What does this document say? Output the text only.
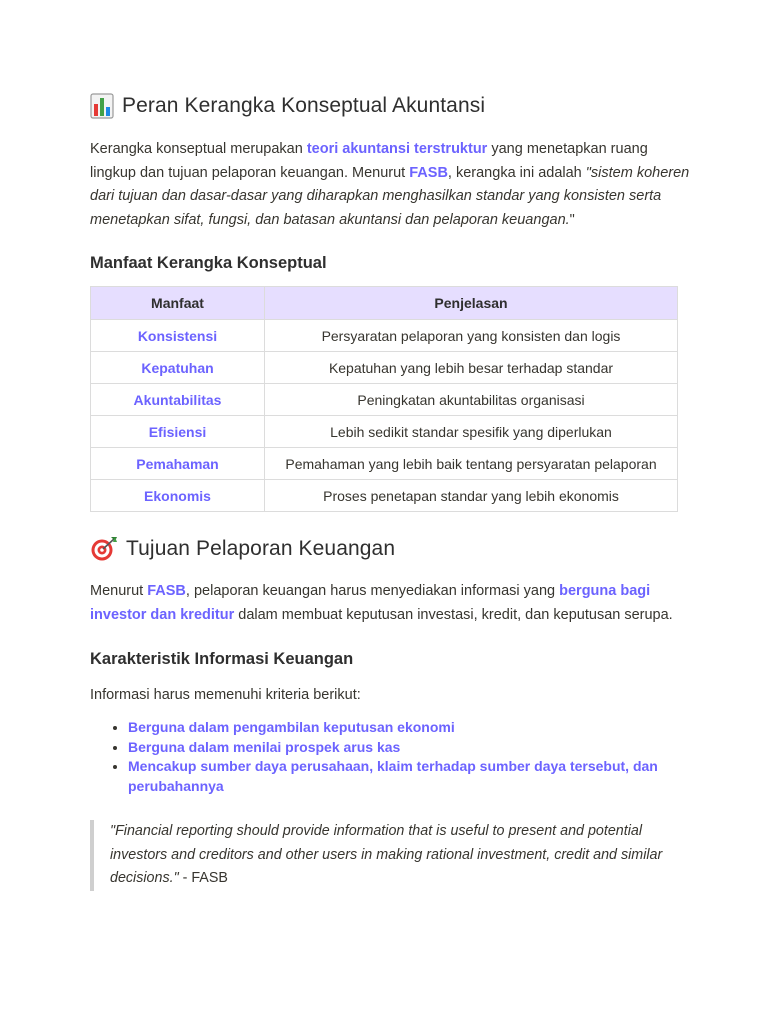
Peran Kerangka Konseptual Akuntansi
Kerangka konseptual merupakan teori akuntansi terstruktur yang menetapkan ruang lingkup dan tujuan pelaporan keuangan. Menurut FASB, kerangka ini adalah "sistem koheren dari tujuan dan dasar-dasar yang diharapkan menghasilkan standar yang konsisten serta menetapkan sifat, fungsi, dan batasan akuntansi dan pelaporan keuangan."
Manfaat Kerangka Konseptual
Manfaat	Penjelasan
Konsistensi	Persyaratan pelaporan yang konsisten dan logis
Kepatuhan	Kepatuhan yang lebih besar terhadap standar
Akuntabilitas	Peningkatan akuntabilitas organisasi
Efisiensi	Lebih sedikit standar spesifik yang diperlukan
Pemahaman	Pemahaman yang lebih baik tentang persyaratan pelaporan
Ekonomis	Proses penetapan standar yang lebih ekonomis
Tujuan Pelaporan Keuangan
Menurut FASB, pelaporan keuangan harus menyediakan informasi yang berguna bagi investor dan kreditur dalam membuat keputusan investasi, kredit, dan keputusan serupa.
Karakteristik Informasi Keuangan
Informasi harus memenuhi kriteria berikut:
• Berguna dalam pengambilan keputusan ekonomi
• Berguna dalam menilai prospek arus kas
• Mencakup sumber daya perusahaan, klaim terhadap sumber daya tersebut, dan perubahannya
"Financial reporting should provide information that is useful to present and potential investors and creditors and other users in making rational investment, credit and similar decisions." - FASB
